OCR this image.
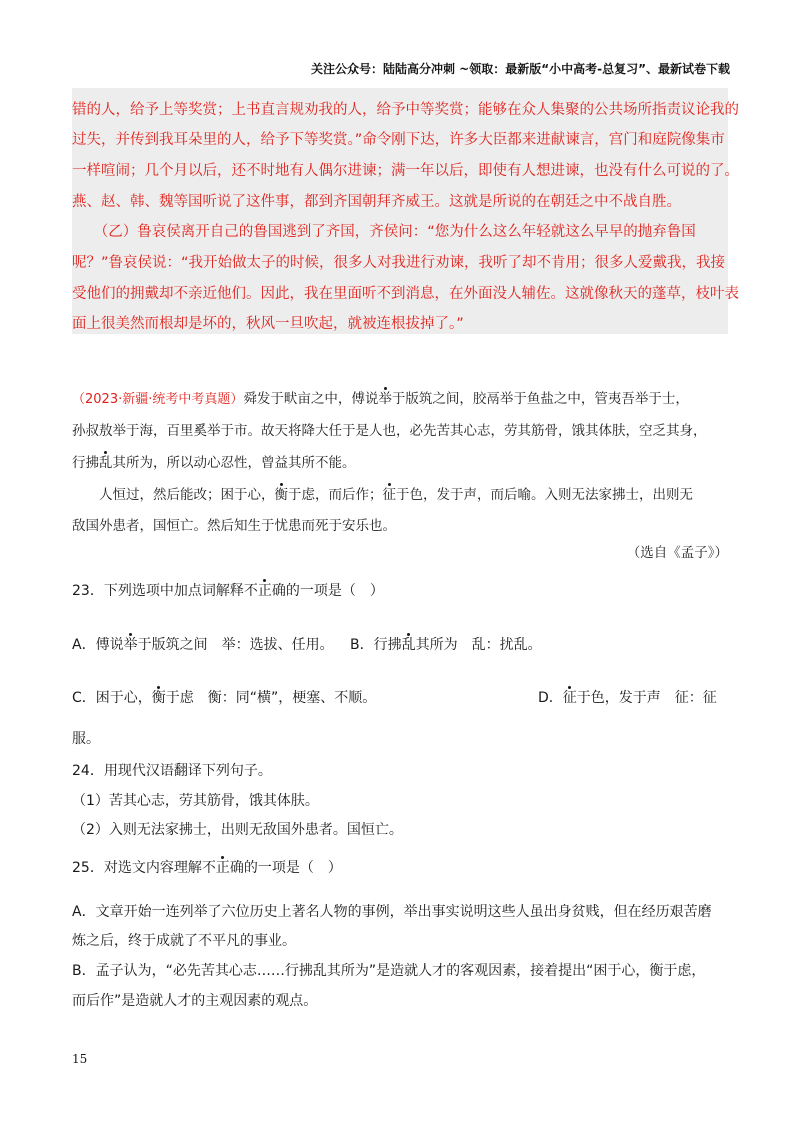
关注公众号：陆陆高分冲刺 ~领取：最新版“小中高考-总复习”、最新试卷下载
错的人，给予上等奖赏；上书直言规劝我的人，给予中等奖赏；能够在众人集聚的公共场所指责议论我的
过失，并传到我耳朵里的人，给予下等奖赏。”命令刚下达，许多大臣都来进献谏言，宫门和庭院像集市
一样喧闹；几个月以后，还不时地有人偶尔进谏；满一年以后，即使有人想进谏，也没有什么可说的了。
燕、赵、韩、魏等国听说了这件事，都到齐国朝拜齐威王。这就是所说的在朝廷之中不战自胜。
　　（乙）鲁哀侯离开自己的鲁国逃到了齐国，齐侯问：“您为什么这么年轻就这么早早的抛弃鲁国
呢？”鲁哀侯说：“我开始做太子的时候，很多人对我进行劝谏，我听了却不肯用；很多人爱戴我，我接
受他们的拥戴却不亲近他们。因此，我在里面听不到消息，在外面没人辅佐。这就像秋天的蓬草，枝叶表
面上很美然而根却是坏的，秋风一旦吹起，就被连根拔掉了。”
（2023·新疆·统考中考真题）舜发于畎亩之中，傅说举于版筑之间，胶鬲举于鱼盐之中，管夷吾举于士，
孙叔敖举于海，百里奚举于市。故天将降大任于是人也，必先苦其心志，劳其筋骨，饿其体肤，空乏其身，
行拂乱其所为，所以动心忍性，曾益其所不能。
　　人恒过，然后能改；困于心，衡于虑，而后作；征于色，发于声，而后喻。入则无法家拂士，出则无
敌国外患者，国恒亡。然后知生于忧患而死于安乐也。
（选自《孟子》）
23．下列选项中加点词解释不正确的一项是（　）
A．傅说举于版筑之间　举：选拔、任用。 B．行拂乱其所为　乱：扰乱。
C．困于心，衡于虑　衡：同“横”，梗塞、不顺。	D．征于色，发于声　征：征
服。
24．用现代汉语翻译下列句子。
（1）苦其心志，劳其筋骨，饿其体肤。
（2）入则无法家拂士，出则无敌国外患者。国恒亡。
25．对选文内容理解不正确的一项是（　）
A．文章开始一连列举了六位历史上著名人物的事例，举出事实说明这些人虽出身贫贱，但在经历艰苦磨
炼之后，终于成就了不平凡的事业。
B．孟子认为，“必先苦其心志……行拂乱其所为”是造就人才的客观因素，接着提出“困于心，衡于虑，
而后作”是造就人才的主观因素的观点。
15
